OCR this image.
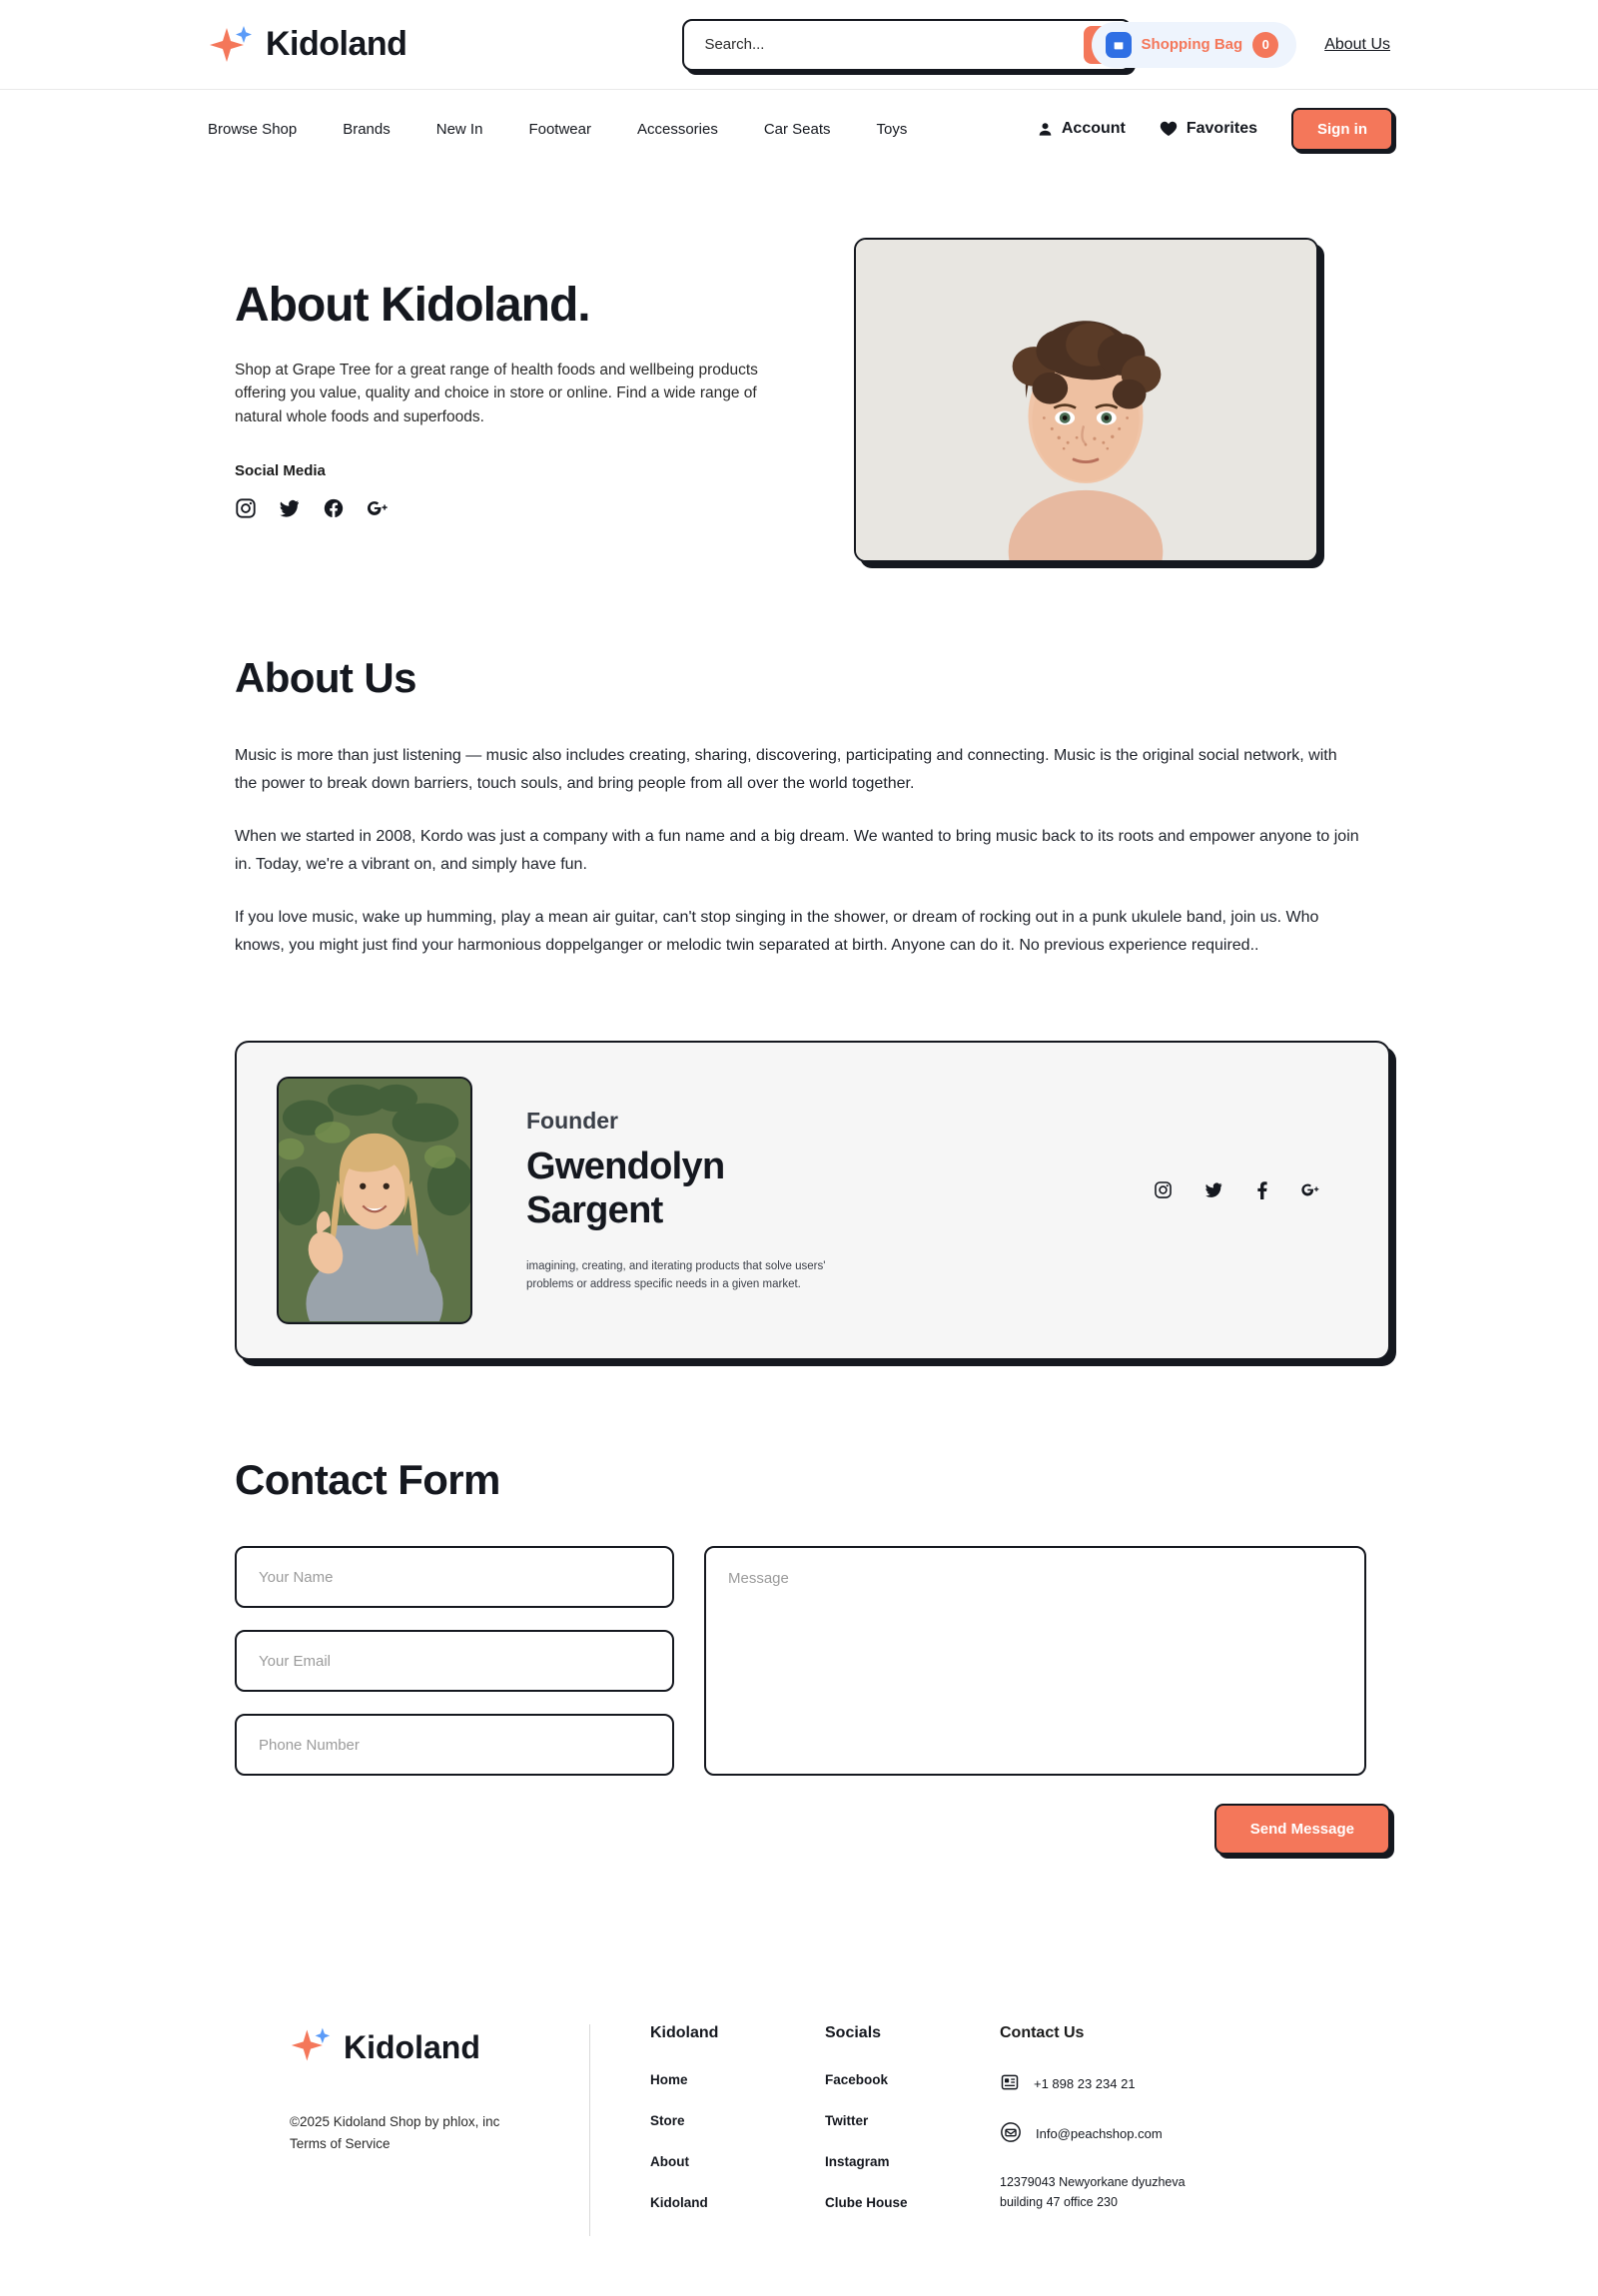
Kidoland
Search...	Shopping Bag	0	About Us
Browse Shop	Brands	New In	Footwear	Accessories	Car Seats	Toys	Account	Favorites	Sign in
About Kidoland.

Shop at Grape Tree for a great range of health foods and wellbeing products offering you value, quality and choice in store or online. Find a wide range of natural whole foods and superfoods.

Social Media
About Us

Music is more than just listening — music also includes creating, sharing, discovering, participating and connecting. Music is the original social network, with the power to break down barriers, touch souls, and bring people from all over the world together.

When we started in 2008, Kordo was just a company with a fun name and a big dream. We wanted to bring music back to its roots and empower anyone to join in. Today, we're a vibrant on, and simply have fun.

If you love music, wake up humming, play a mean air guitar, can't stop singing in the shower, or dream of rocking out in a punk ukulele band, join us. Who knows, you might just find your harmonious doppelganger or melodic twin separated at birth. Anyone can do it. No previous experience required..

Founder
Gwendolyn Sargent
imagining, creating, and iterating products that solve users' problems or address specific needs in a given market.
Contact Form
Your Name
Your Email
Phone Number
Message
Send Message
Kidoland
©2025 Kidoland Shop by phlox, inc Terms of Service
Kidoland
Home
Store
About
Kidoland
Socials
Facebook
Twitter
Instagram
Clube House
Contact Us
+1 898 23 234 21
Info@peachshop.com
12379043 Newyorkane dyuzheva building 47 office 230
